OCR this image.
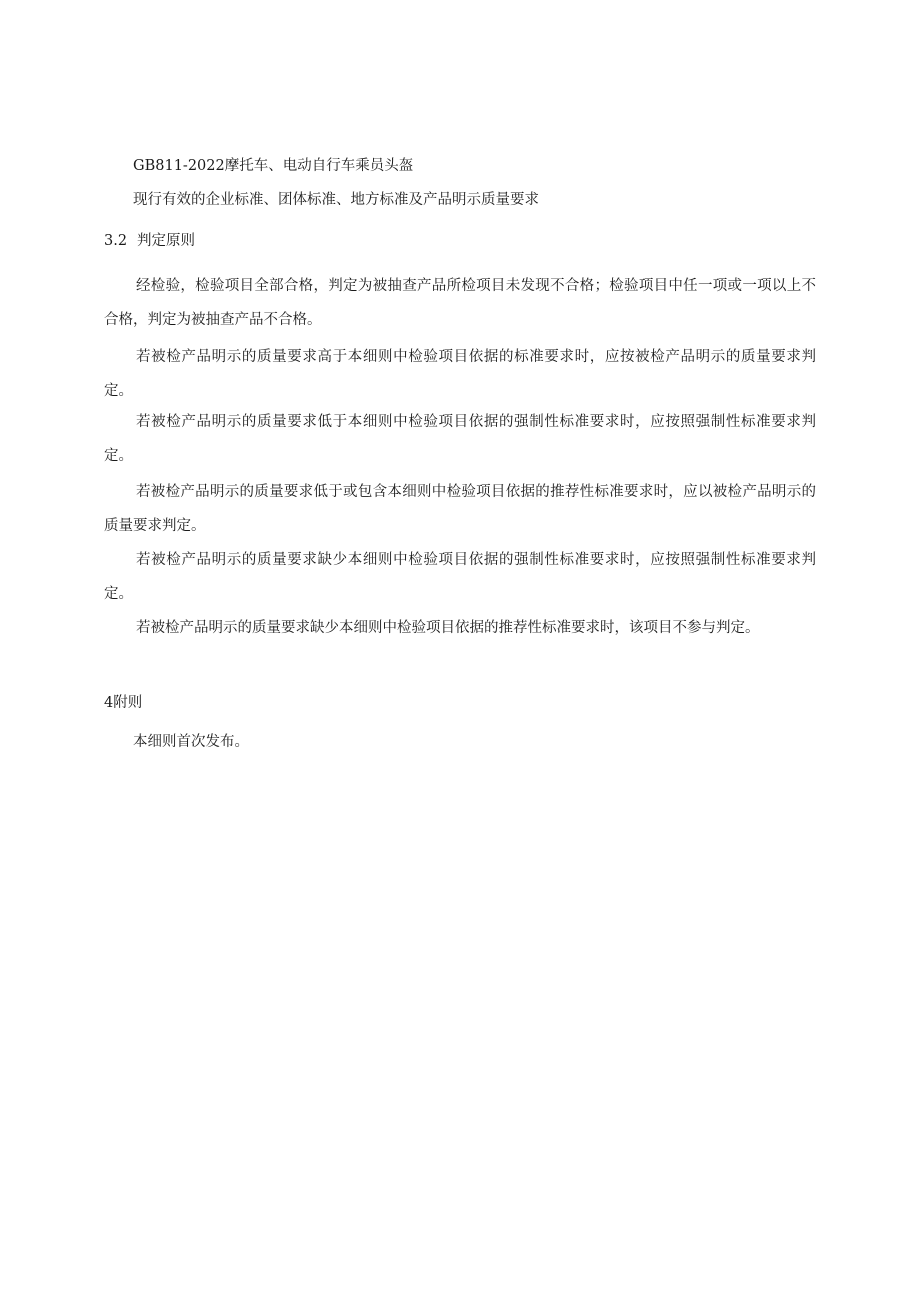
GB811-2022摩托车、电动自行车乘员头盔
现行有效的企业标准、团体标准、地方标准及产品明示质量要求
3.2 判定原则
经检验，检验项目全部合格，判定为被抽查产品所检项目未发现不合格；检验项目中任一项或一项以上不合格，判定为被抽查产品不合格。
若被检产品明示的质量要求高于本细则中检验项目依据的标准要求时，应按被检产品明示的质量要求判定。
若被检产品明示的质量要求低于本细则中检验项目依据的强制性标准要求时，应按照强制性标准要求判定。
若被检产品明示的质量要求低于或包含本细则中检验项目依据的推荐性标准要求时，应以被检产品明示的质量要求判定。
若被检产品明示的质量要求缺少本细则中检验项目依据的强制性标准要求时，应按照强制性标准要求判定。
若被检产品明示的质量要求缺少本细则中检验项目依据的推荐性标准要求时，该项目不参与判定。
4附则
本细则首次发布。
